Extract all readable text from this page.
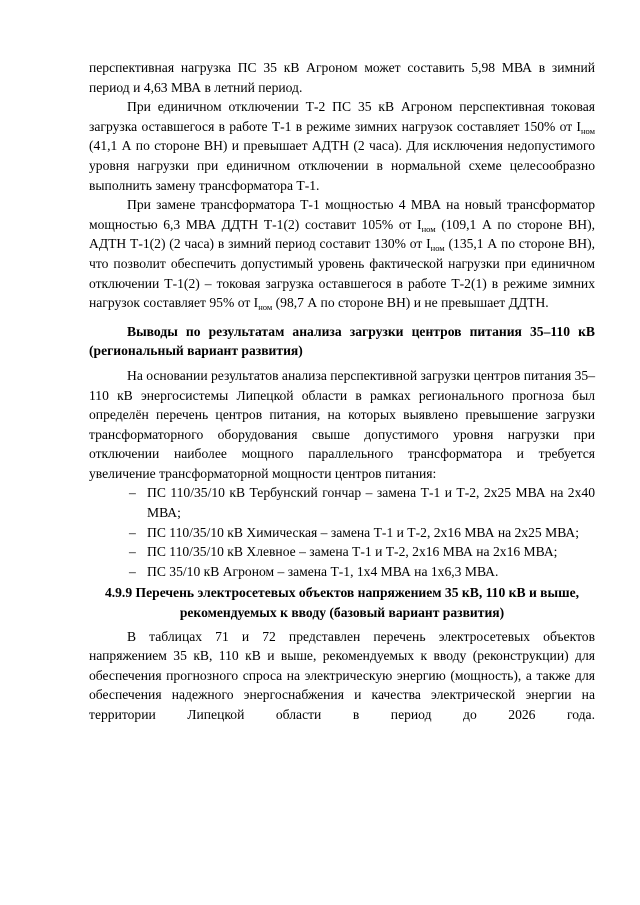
перспективная нагрузка ПС 35 кВ Агроном может составить 5,98 МВА в зимний период и 4,63 МВА в летний период.

При единичном отключении Т-2 ПС 35 кВ Агроном перспективная токовая загрузка оставшегося в работе Т-1 в режиме зимних нагрузок составляет 150% от $I_{ном}$ (41,1 А по стороне ВН) и превышает АДТН (2 часа). Для исключения недопустимого уровня нагрузки при единичном отключении в нормальной схеме целесообразно выполнить замену трансформатора Т-1.

При замене трансформатора Т-1 мощностью 4 МВА на новый трансформатор мощностью 6,3 МВА ДДТН Т-1(2) составит 105% от $I_{ном}$ (109,1 А по стороне ВН), АДТН Т-1(2) (2 часа) в зимний период составит 130% от $I_{ном}$ (135,1 А по стороне ВН), что позволит обеспечить допустимый уровень фактической нагрузки при единичном отключении Т-1(2) – токовая загрузка оставшегося в работе Т-2(1) в режиме зимних нагрузок составляет 95% от $I_{ном}$ (98,7 А по стороне ВН) и не превышает ДДТН.

Выводы по результатам анализа загрузки центров питания 35–110 кВ (региональный вариант развития)

На основании результатов анализа перспективной загрузки центров питания 35–110 кВ энергосистемы Липецкой области в рамках регионального прогноза был определён перечень центров питания, на которых выявлено превышение загрузки трансформаторного оборудования свыше допустимого уровня нагрузки при отключении наиболее мощного параллельного трансформатора и требуется увеличение трансформаторной мощности центров питания:

– ПС 110/35/10 кВ Тербунский гончар – замена Т-1 и Т-2, 2х25 МВА на 2х40 МВА;
– ПС 110/35/10 кВ Химическая – замена Т-1 и Т-2, 2х16 МВА на 2х25 МВА;
– ПС 110/35/10 кВ Хлевное – замена Т-1 и Т-2, 2х16 МВА на 2х16 МВА;
– ПС 35/10 кВ Агроном – замена Т-1, 1х4 МВА на 1х6,3 МВА.

4.9.9 Перечень электросетевых объектов напряжением 35 кВ, 110 кВ и выше, рекомендуемых к вводу (базовый вариант развития)

В таблицах 71 и 72 представлен перечень электросетевых объектов напряжением 35 кВ, 110 кВ и выше, рекомендуемых к вводу (реконструкции) для обеспечения прогнозного спроса на электрическую энергию (мощность), а также для обеспечения надежного энергоснабжения и качества электрической энергии на территории Липецкой области в период до 2026 года.
